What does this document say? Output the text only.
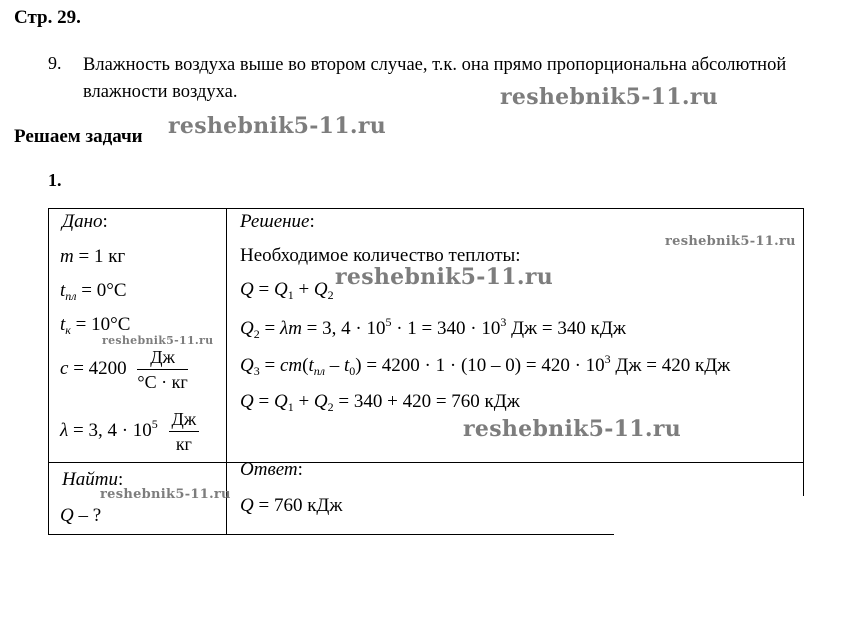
Стр. 29.
9. Влажность воздуха выше во втором случае, т.к. она прямо пропорциональна абсолютной влажности воздуха.
Решаем задачи
1.
Дано:
m = 1 кг
$t_{пл} = 0^\circ C$
$t_к = 10^\circ C$
$c = 4200 \frac{Дж}{^\circ C \cdot кг}$
λ = 3, $4 \cdot 10^5 \frac{Дж}{кг}$
Найти:
Q – ?
Решение:
Необходимое количество теплоты:
$Q = Q_1 + Q_2$
$Q_2 = \lambda m = 3$, $4 \cdot 10^5 \cdot 1 = 340 \cdot 10^3$ Дж = 340 кДж
$Q_3 = cm(t_{пл} - t_0) = 4200 \cdot 1 \cdot (10 - 0) = 420 \cdot 10^3$ Дж = 420 кДж
$Q = Q_1 + Q_2 = 340 + 420 = 760$ кДж
Ответ:
Q = 760 кДж
reshebnik5-11.ru
reshebnik5-11.ru
reshebnik5-11.ru
reshebnik5-11.ru
reshebnik5-11.ru
reshebnik5-11.ru
reshebnik5-11.ru
